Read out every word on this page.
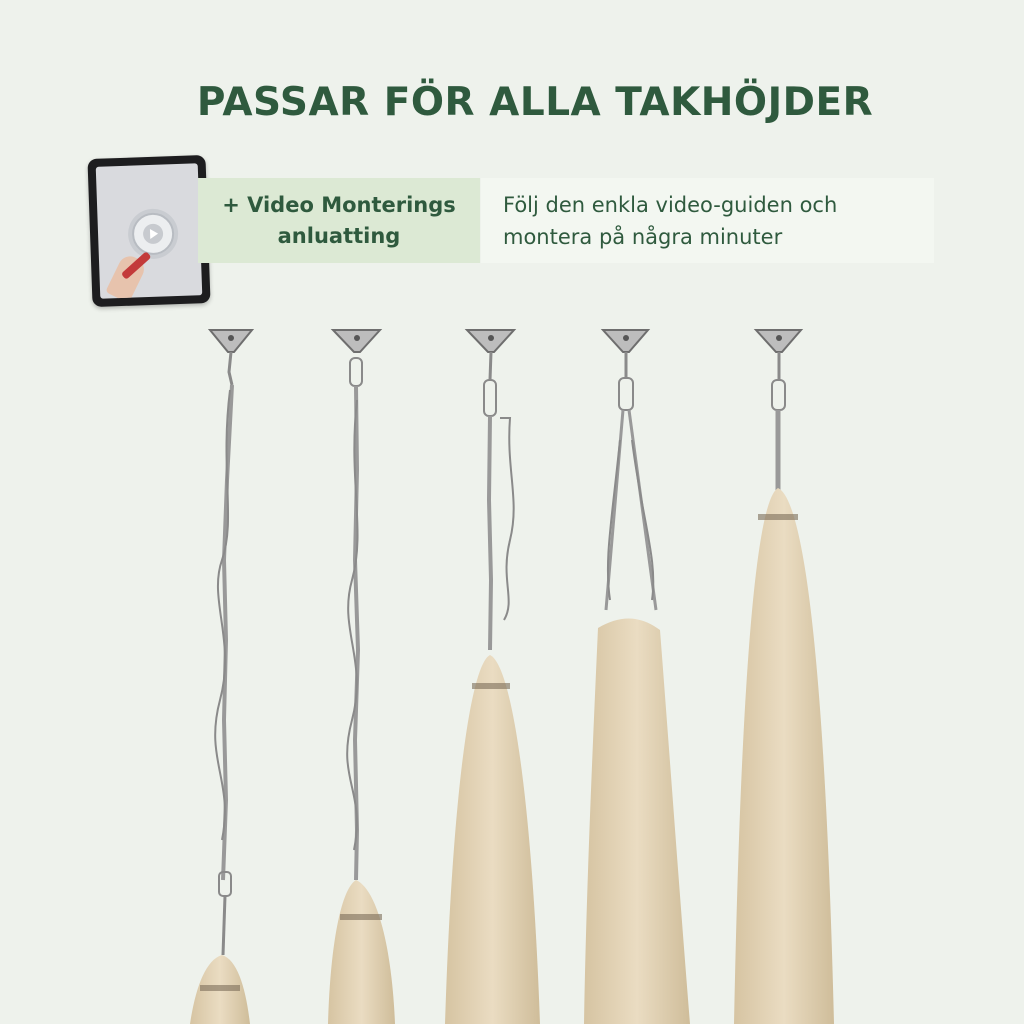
PASSAR FÖR ALLA TAKHÖJDER
+ Video Monterings
anluatting
Följ den enkla video-guiden och
montera på några minuter
